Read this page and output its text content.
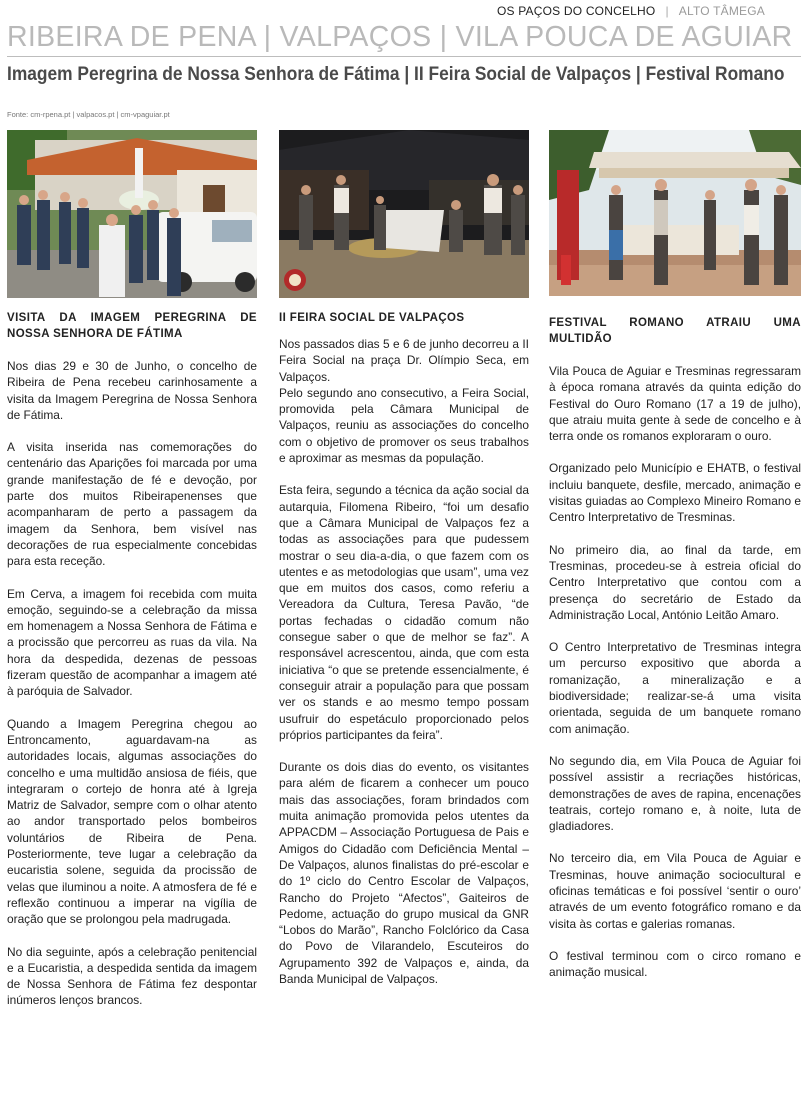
OS PAÇOS DO CONCELHO | ALTO TÂMEGA
RIBEIRA DE PENA | VALPAÇOS | VILA POUCA DE AGUIAR
Imagem Peregrina de Nossa Senhora de Fátima | II Feira Social de Valpaços | Festival Romano
Fonte: cm-rpena.pt | valpacos.pt | cm-vpaguiar.pt
VISITA DA IMAGEM PEREGRINA DE NOSSA SENHORA DE FÁTIMA

Nos dias 29 e 30 de Junho, o concelho de Ribeira de Pena recebeu carinhosamente a visita da Imagem Peregrina de Nossa Senhora de Fátima.

A visita inserida nas comemorações do centenário das Aparições foi marcada por uma grande manifestação de fé e devoção, por parte dos muitos Ribeirapenenses que acompanharam de perto a passagem da imagem da Senhora, bem visível nas decorações de rua especialmente concebidas para esta receção.

Em Cerva, a imagem foi recebida com muita emoção, seguindo-se a celebração da missa em homenagem a Nossa Senhora de Fátima e a procissão que percorreu as ruas da vila. Na hora da despedida, dezenas de pessoas fizeram questão de acompanhar a imagem até à paróquia de Salvador.

Quando a Imagem Peregrina chegou ao Entroncamento, aguardavam-na as autoridades locais, algumas associações do concelho e uma multidão ansiosa de fiéis, que integraram o cortejo de honra até à Igreja Matriz de Salvador, sempre com o olhar atento ao andor transportado pelos bombeiros voluntários de Ribeira de Pena. Posteriormente, teve lugar a celebração da eucaristia solene, seguida da procissão de velas que iluminou a noite. A atmosfera de fé e reflexão continuou a imperar na vigília de oração que se prolongou pela madrugada.

No dia seguinte, após a celebração penitencial e a Eucaristia, a despedida sentida da imagem de Nossa Senhora de Fátima fez despontar inúmeros lenços brancos.

II FEIRA SOCIAL DE VALPAÇOS

Nos passados dias 5 e 6 de junho decorreu a II Feira Social na praça Dr. Olímpio Seca, em Valpaços.
Pelo segundo ano consecutivo, a Feira Social, promovida pela Câmara Municipal de Valpaços, reuniu as associações do concelho com o objetivo de promover os seus trabalhos e aproximar as mesmas da população.

Esta feira, segundo a técnica da ação social da autarquia, Filomena Ribeiro, “foi um desafio que a Câmara Municipal de Valpaços fez a todas as associações para que pudessem mostrar o seu dia-a-dia, o que fazem com os utentes e as metodologias que usam”, uma vez que em muitos dos casos, como referiu a Vereadora da Cultura, Teresa Pavão, “de portas fechadas o cidadão comum não consegue saber o que de melhor se faz”. A responsável acrescentou, ainda, que com esta iniciativa “o que se pretende essencialmente, é conseguir atrair a população para que possam ver os stands e ao mesmo tempo possam usufruir do espetáculo proporcionado pelos próprios participantes da feira”.

Durante os dois dias do evento, os visitantes para além de ficarem a conhecer um pouco mais das associações, foram brindados com muita animação promovida pelos utentes da APPACDM – Associação Portuguesa de Pais e Amigos do Cidadão com Deficiência Mental – De Valpaços, alunos finalistas do pré-escolar e do 1º ciclo do Centro Escolar de Valpaços, Rancho do Projeto “Afectos”, Gaiteiros de Pedome, actuação do grupo musical da GNR “Lobos do Marão”, Rancho Folclórico da Casa do Povo de Vilarandelo, Escuteiros do Agrupamento 392 de Valpaços e, ainda, da Banda Municipal de Valpaços.

FESTIVAL ROMANO ATRAIU UMA MULTIDÃO

Vila Pouca de Aguiar e Tresminas regressaram à época romana através da quinta edição do Festival do Ouro Romano (17 a 19 de julho), que atraiu muita gente à sede de concelho e à terra onde os romanos exploraram o ouro.

Organizado pelo Município e EHATB, o festival incluiu banquete, desfile, mercado, animação e visitas guiadas ao Complexo Mineiro Romano e Centro Interpretativo de Tresminas.

No primeiro dia, ao final da tarde, em Tresminas, procedeu-se à estreia oficial do Centro Interpretativo que contou com a presença do secretário de Estado da Administração Local, António Leitão Amaro.

O Centro Interpretativo de Tresminas integra um percurso expositivo que aborda a romanização, a mineralização e a biodiversidade; realizar-se-á uma visita orientada, seguida de um banquete romano com animação.

No segundo dia, em Vila Pouca de Aguiar foi possível assistir a recriações históricas, demonstrações de aves de rapina, encenações teatrais, cortejo romano e, à noite, luta de gladiadores.

No terceiro dia, em Vila Pouca de Aguiar e Tresminas, houve animação sociocultural e oficinas temáticas e foi possível ‘sentir o ouro’ através de um evento fotográfico romano e da visita às cortas e galerias romanas.

O festival terminou com o circo romano e animação musical.
